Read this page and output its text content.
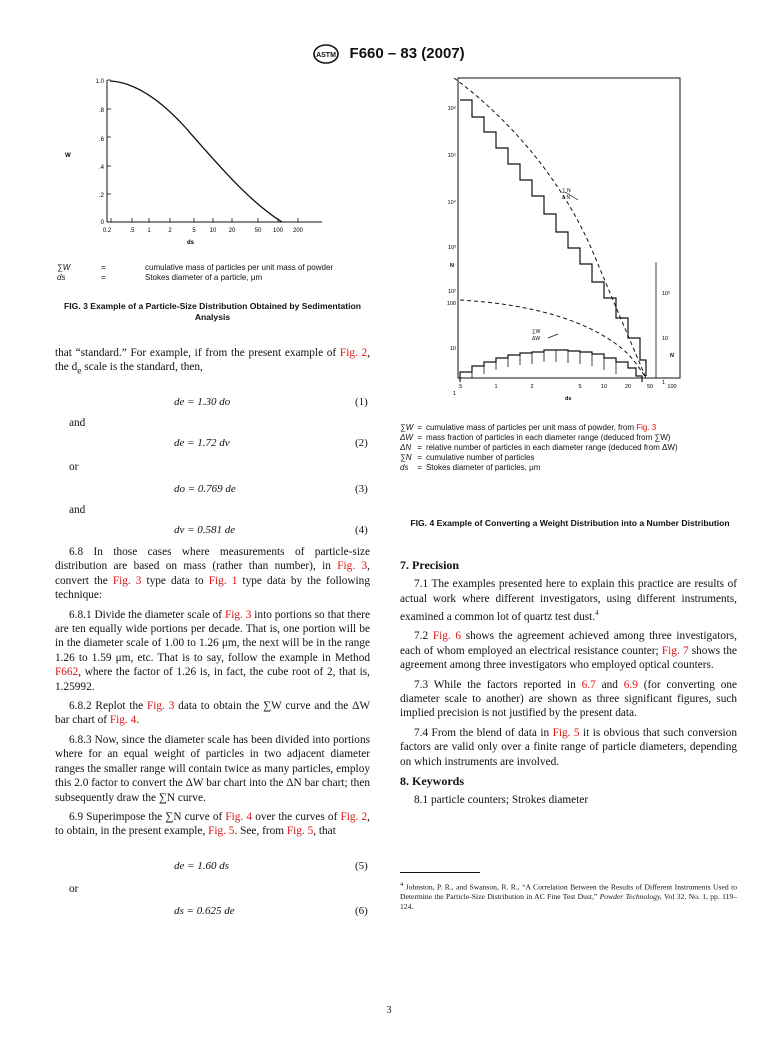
ASTM F660 – 83 (2007)
W
1.0
.8
.6
.4
.2
0
0.2	.5 1	2	5 10 20	50 100 200
ds
∑W	=	cumulative mass of particles per unit mass of powder
ds	=	Stokes diameter of a particle, μm
FIG. 3 Example of a Particle-Size Distribution Obtained by Sedimentation Analysis

that “standard.” For example, if from the present example of Fig. 2, the $d_e$ scale is the standard, then,

de = 1.30 do	(1)
and
de = 1.72 dv	(2)
or
do = 0.769 de	(3)
and
dv = 0.581 de	(4)

6.8 In those cases where measurements of particle-size distribution are based on mass (rather than number), in Fig. 3, convert the Fig. 3 type data to Fig. 1 type data by the following technique:

6.8.1 Divide the diameter scale of Fig. 3 into portions so that there are ten equally wide portions per decade. That is, one portion will be in the diameter scale of 1.00 to 1.26 μm, the next will be in the range 1.26 to 1.59 μm, etc. That is to say, follow the example in Method F662, where the factor of 1.26 is, in fact, the cube root of 2, that is, 1.25992.

6.8.2 Replot the Fig. 3 data to obtain the ∑W curve and the ΔW bar chart of Fig. 4.

6.8.3 Now, since the diameter scale has been divided into portions where for an equal weight of particles in two adjacent diameter ranges the smaller range will contain twice as many particles, employ this 2.0 factor to convert the ΔW bar chart into the ΔN bar chart; then subsequently draw the ∑N curve.

6.9 Superimpose the ∑N curve of Fig. 4 over the curves of Fig. 2, to obtain, in the present example, Fig. 5. See, from Fig. 5, that

de = 1.60 ds	(5)
or
ds = 0.625 de	(6)
10⁶
10⁵
10⁴
10³
10²
100
10
1
N
10²
10
1
N
∑ N
Δ N
∑W
ΔW
.5	1	2	5	10	20	50	100
ds
∑W	=	cumulative mass of particles per unit mass of powder, from Fig. 3
ΔW	=	mass fraction of particles in each diameter range (deduced from ∑W)
ΔN	=	relative number of particles in each diameter range (deduced from ΔW)
∑N	=	cumulative number of particles
ds	=	Stokes diameter of particles, μm
FIG. 4 Example of Converting a Weight Distribution into a Number Distribution

7. Precision

7.1 The examples presented here to explain this practice are results of actual work where different investigators, using different instruments, examined a common lot of quartz test dust.$^4$

7.2 Fig. 6 shows the agreement achieved among three investigators, each of whom employed an electrical resistance counter; Fig. 7 shows the agreement among three investigators who employed optical counters.

7.3 While the factors reported in 6.7 and 6.9 (for converting one diameter scale to another) are shown as three significant figures, such implied precision is not justified by the present data.

7.4 From the blend of data in Fig. 5 it is obvious that such conversion factors are valid only over a finite range of particle diameters, depending on which instruments are involved.

8. Keywords

8.1 particle counters; Strokes diameter

$^4$ Johnston, P. R., and Swanson, R. R., “A Correlation Between the Results of Different Instruments Used to Determine the Particle-Size Distribution in AC Fine Test Dust,” Powder Technology, Vol 32, No. 1, pp. 119–124.
3
